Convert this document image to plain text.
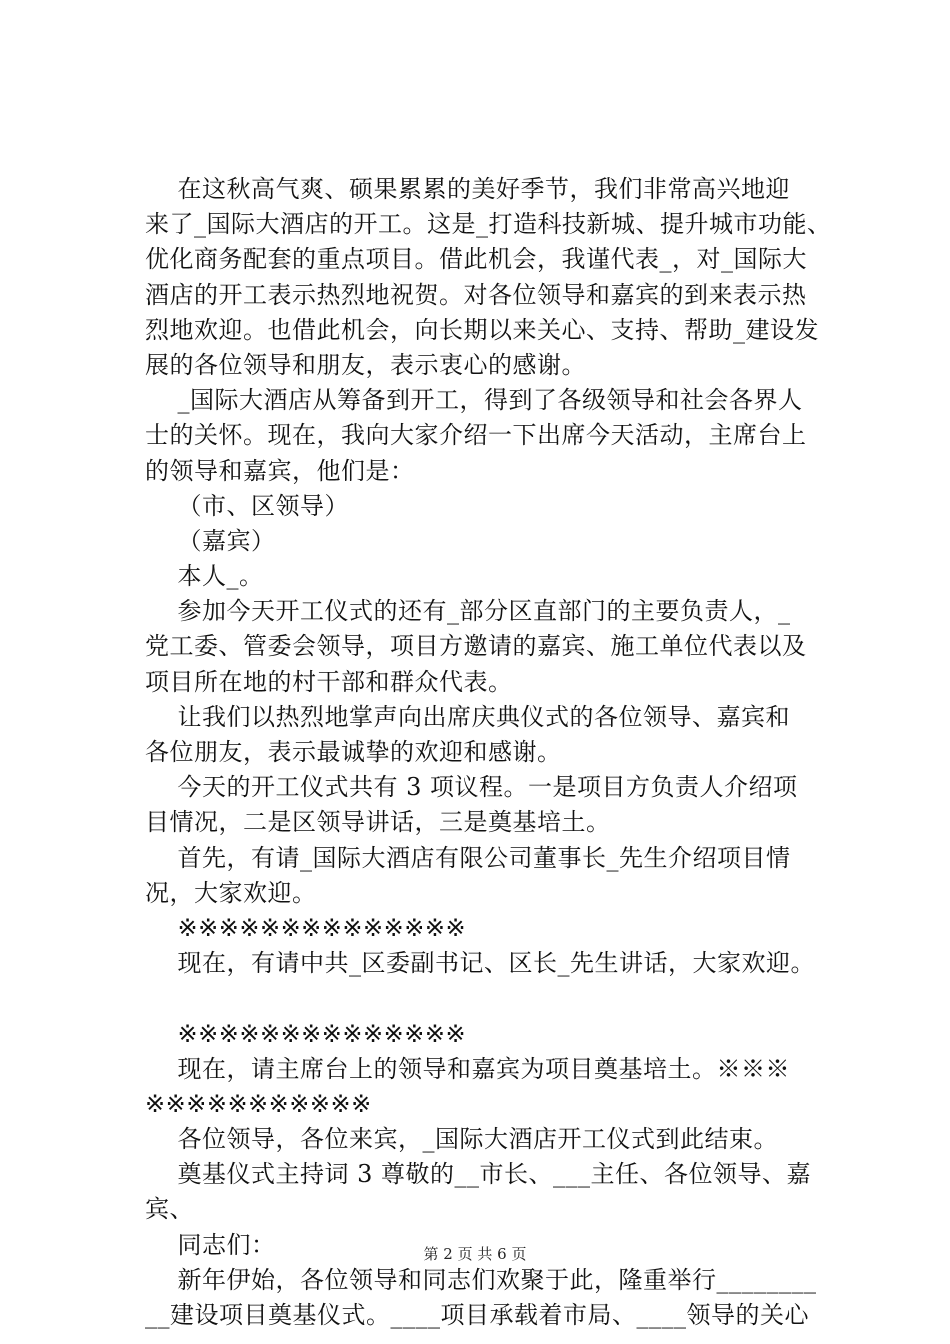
在这秋高气爽、硕果累累的美好季节，我们非常高兴地迎
来了_国际大酒店的开工。这是_打造科技新城、提升城市功能、
优化商务配套的重点项目。借此机会，我谨代表_，对_国际大
酒店的开工表示热烈地祝贺。对各位领导和嘉宾的到来表示热
烈地欢迎。也借此机会，向长期以来关心、支持、帮助_建设发
展的各位领导和朋友，表示衷心的感谢。
_国际大酒店从筹备到开工，得到了各级领导和社会各界人
士的关怀。现在，我向大家介绍一下出席今天活动，主席台上
的领导和嘉宾，他们是：
（市、区领导）
（嘉宾）
本人_。
参加今天开工仪式的还有_部分区直部门的主要负责人，_
党工委、管委会领导，项目方邀请的嘉宾、施工单位代表以及
项目所在地的村干部和群众代表。
让我们以热烈地掌声向出席庆典仪式的各位领导、嘉宾和
各位朋友，表示最诚挚的欢迎和感谢。
今天的开工仪式共有 3 项议程。一是项目方负责人介绍项
目情况，二是区领导讲话，三是奠基培土。
首先，有请_国际大酒店有限公司董事长_先生介绍项目情
况，大家欢迎。
※※※※※※※※※※※※※※
现在，有请中共_区委副书记、区长_先生讲话，大家欢迎。
※※※※※※※※※※※※※※
现在，请主席台上的领导和嘉宾为项目奠基培土。※※※
※※※※※※※※※※※
各位领导，各位来宾，_国际大酒店开工仪式到此结束。
奠基仪式主持词 3 尊敬的__市长、___主任、各位领导、嘉
宾、
同志们：
新年伊始，各位领导和同志们欢聚于此，隆重举行________
__建设项目奠基仪式。____项目承载着市局、____领导的关心
第 2 页 共 6 页
